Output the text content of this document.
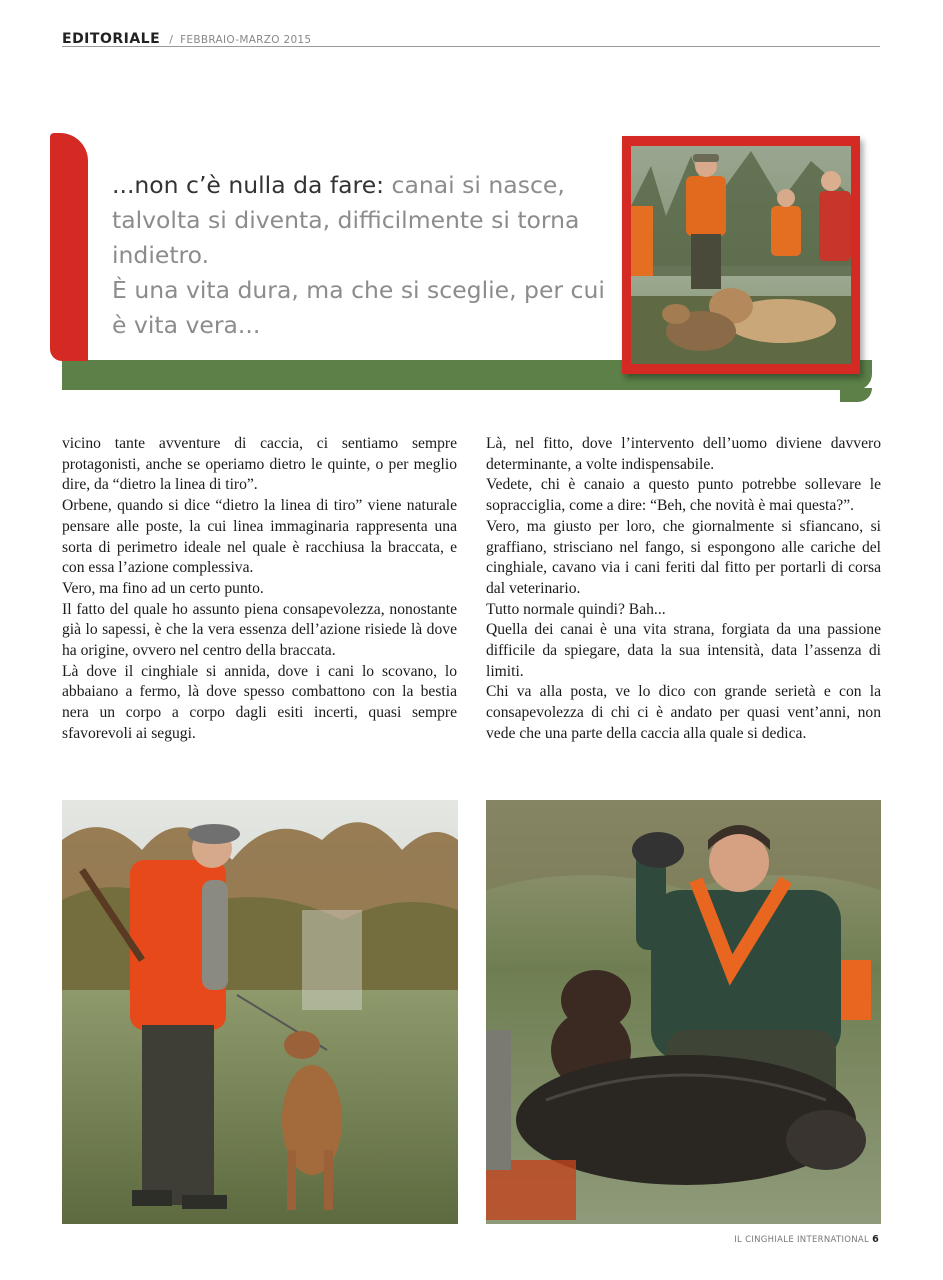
EDITORIALE / FEBBRAIO-MARZO 2015
...non c’è nulla da fare: canai si nasce, talvolta si diventa, difficilmente si torna indietro.
È una vita dura, ma che si sceglie, per cui è vita vera...

vicino tante avventure di caccia, ci sentiamo sempre protagonisti, anche se operiamo dietro le quinte, o per meglio dire, da “dietro la linea di tiro”.

Orbene, quando si dice “dietro la linea di tiro” viene naturale pensare alle poste, la cui linea immaginaria rappresenta una sorta di perimetro ideale nel quale è racchiusa la braccata, e con essa l’azione complessiva.

Vero, ma fino ad un certo punto.

Il fatto del quale ho assunto piena consapevolezza, nonostante già lo sapessi, è che la vera essenza dell’azione risiede là dove ha origine, ovvero nel centro della braccata.

Là dove il cinghiale si annida, dove i cani lo scovano, lo abbaiano a fermo, là dove spesso combattono con la bestia nera un corpo a corpo dagli esiti incerti, quasi sempre sfavorevoli ai segugi.

Là, nel fitto, dove l’intervento dell’uomo diviene davvero determinante, a volte indispensabile.

Vedete, chi è canaio a questo punto potrebbe sollevare le sopracciglia, come a dire: “Beh, che novità è mai questa?”.

Vero, ma giusto per loro, che giornalmente si sfiancano, si graffiano, strisciano nel fango, si espongono alle cariche del cinghiale, cavano via i cani feriti dal fitto per portarli di corsa dal veterinario.

Tutto normale quindi? Bah...

Quella dei canai è una vita strana, forgiata da una passione difficile da spiegare, data la sua intensità, data l’assenza di limiti.

Chi va alla posta, ve lo dico con grande serietà e con la consapevolezza di chi ci è andato per quasi vent’anni, non vede che una parte della caccia alla quale si dedica.

IL CINGHIALE INTERNATIONAL 6
